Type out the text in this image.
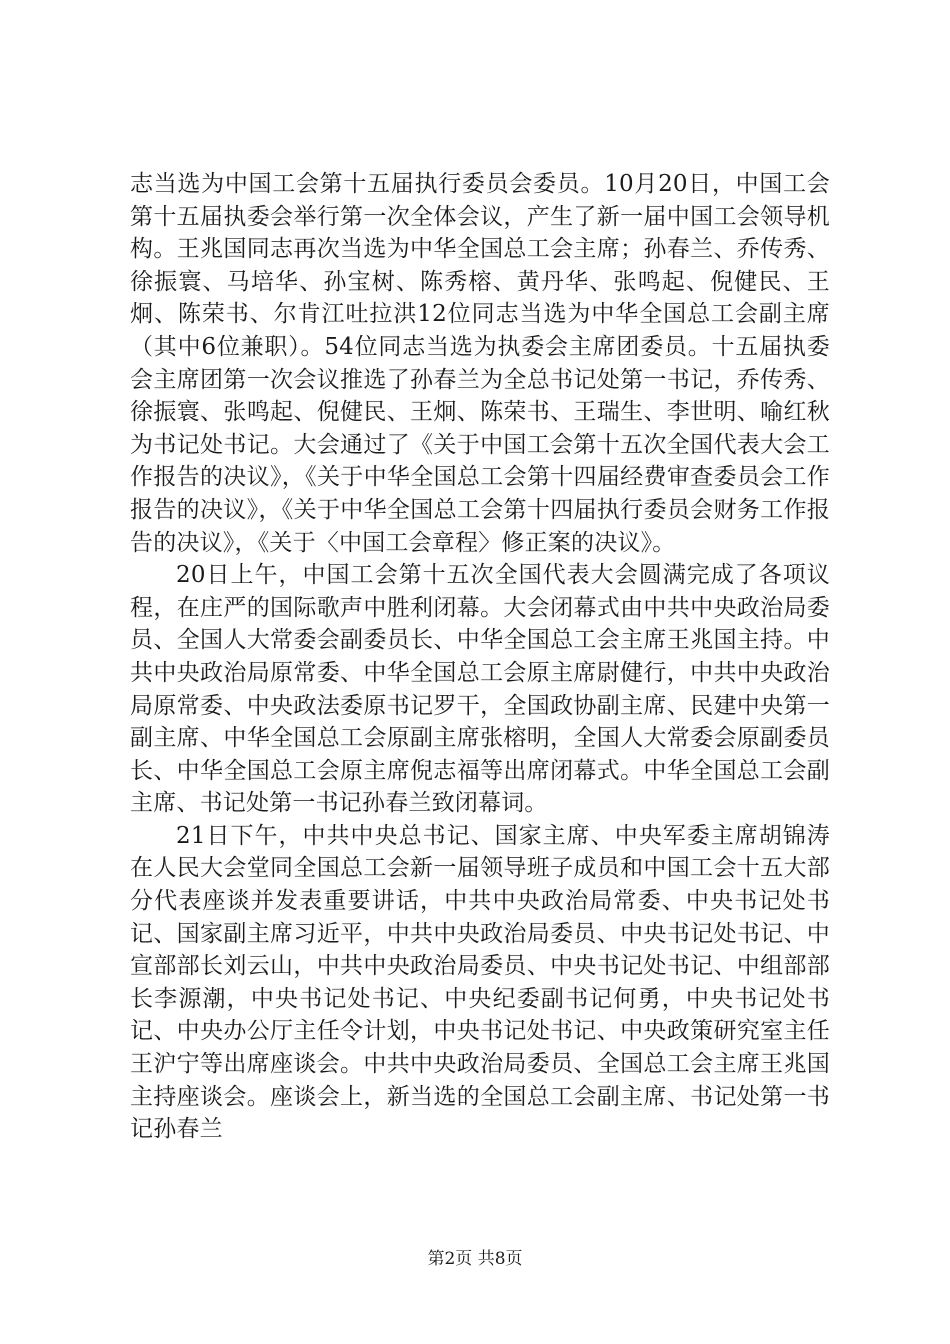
志当选为中国工会第十五届执行委员会委员。10月20日，中国工会第十五届执委会举行第一次全体会议，产生了新一届中国工会领导机构。王兆国同志再次当选为中华全国总工会主席；孙春兰、乔传秀、徐振寰、马培华、孙宝树、陈秀榕、黄丹华、张鸣起、倪健民、王炯、陈荣书、尔肯江吐拉洪12位同志当选为中华全国总工会副主席（其中6位兼职）。54位同志当选为执委会主席团委员。十五届执委会主席团第一次会议推选了孙春兰为全总书记处第一书记，乔传秀、徐振寰、张鸣起、倪健民、王炯、陈荣书、王瑞生、李世明、喻红秋为书记处书记。大会通过了《关于中国工会第十五次全国代表大会工作报告的决议》，《关于中华全国总工会第十四届经费审查委员会工作报告的决议》，《关于中华全国总工会第十四届执行委员会财务工作报告的决议》，《关于〈中国工会章程〉修正案的决议》。

20日上午，中国工会第十五次全国代表大会圆满完成了各项议程，在庄严的国际歌声中胜利闭幕。大会闭幕式由中共中央政治局委员、全国人大常委会副委员长、中华全国总工会主席王兆国主持。中共中央政治局原常委、中华全国总工会原主席尉健行，中共中央政治局原常委、中央政法委原书记罗干，全国政协副主席、民建中央第一副主席、中华全国总工会原副主席张榕明，全国人大常委会原副委员长、中华全国总工会原主席倪志福等出席闭幕式。中华全国总工会副主席、书记处第一书记孙春兰致闭幕词。

21日下午，中共中央总书记、国家主席、中央军委主席胡锦涛在人民大会堂同全国总工会新一届领导班子成员和中国工会十五大部分代表座谈并发表重要讲话，中共中央政治局常委、中央书记处书记、国家副主席习近平，中共中央政治局委员、中央书记处书记、中宣部部长刘云山，中共中央政治局委员、中央书记处书记、中组部部长李源潮，中央书记处书记、中央纪委副书记何勇，中央书记处书记、中央办公厅主任令计划，中央书记处书记、中央政策研究室主任王沪宁等出席座谈会。中共中央政治局委员、全国总工会主席王兆国主持座谈会。座谈会上，新当选的全国总工会副主席、书记处第一书记孙春兰

第2页 共8页
